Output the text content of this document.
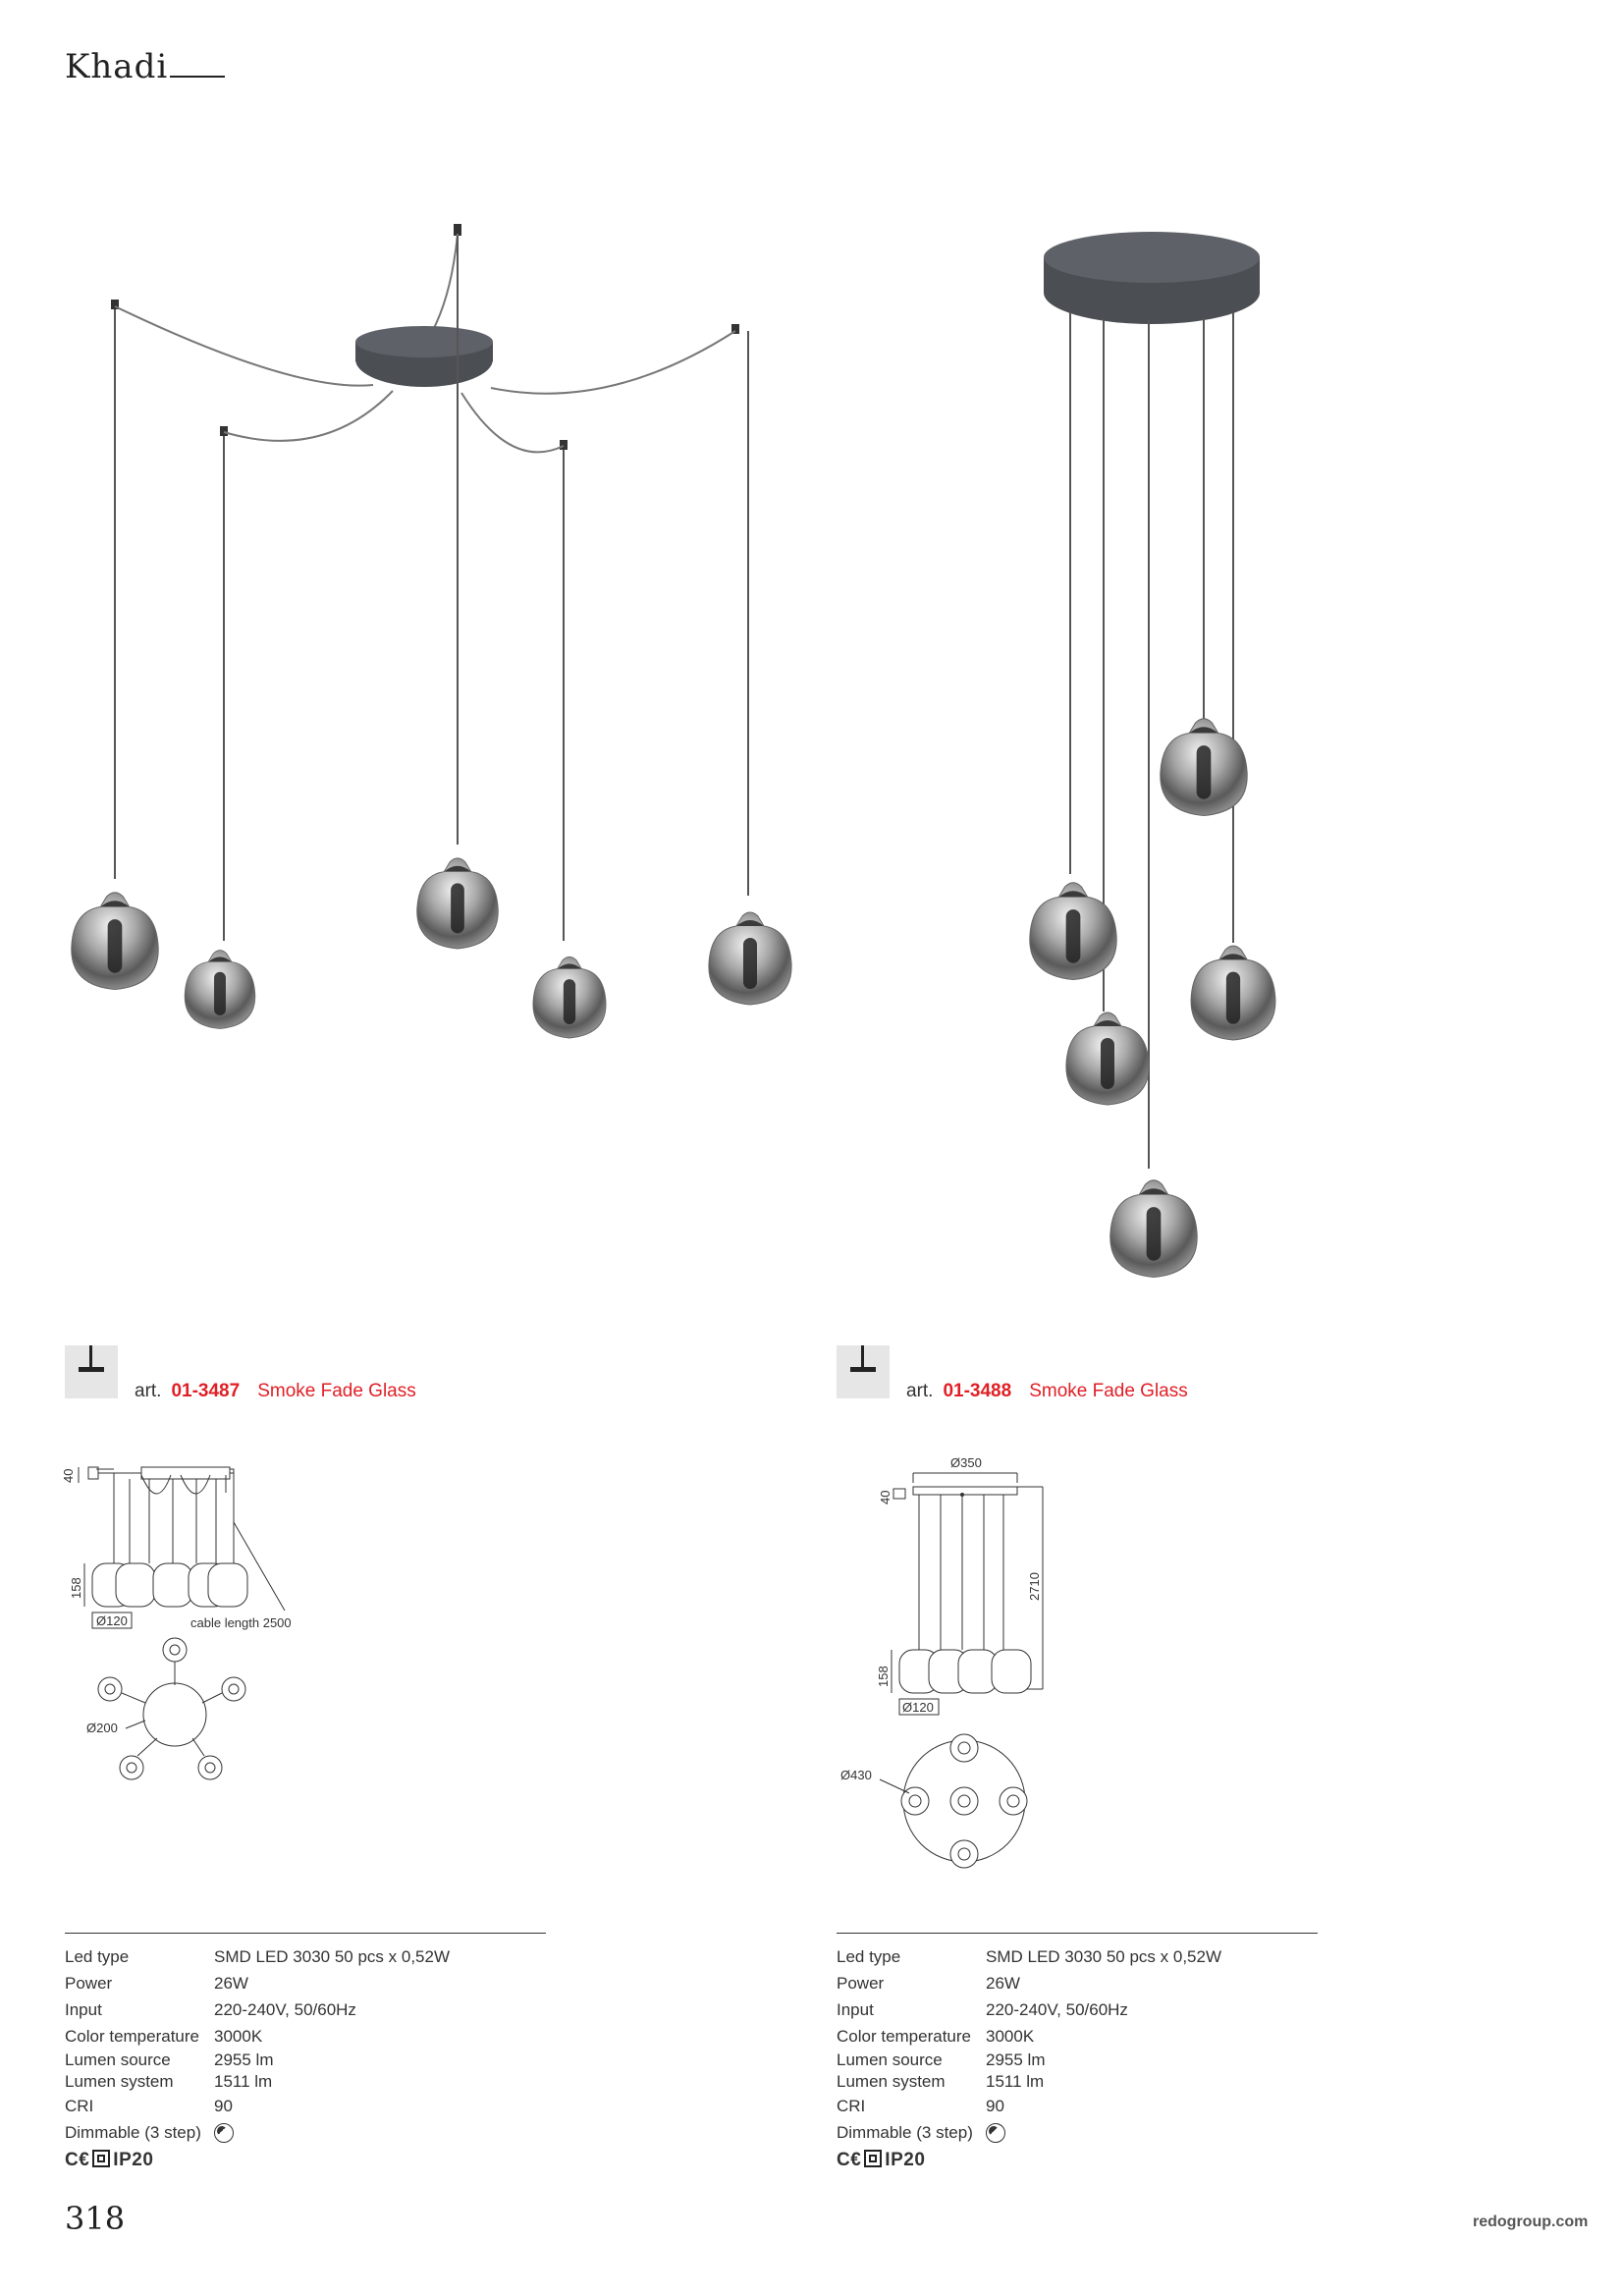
Khadi
art. 01-3487 Smoke Fade Glass
40
158
Ø120	cable length 2500
Ø200
Led type	SMD LED 3030 50 pcs x 0,52W
Power	26W
Input	220-240V, 50/60Hz
Color temperature 3000K
Lumen source	2955 lm
Lumen system	1511 lm
CRI	90
Dimmable (3 step)
C€ IP20
art. 01-3488 Smoke Fade Glass
Ø350
40
2710
158
Ø120
Ø430
Led type	SMD LED 3030 50 pcs x 0,52W
Power	26W
Input	220-240V, 50/60Hz
Color temperature 3000K
Lumen source	2955 lm
Lumen system	1511 lm
CRI	90
Dimmable (3 step)
C€ IP20
318	redogroup.com
